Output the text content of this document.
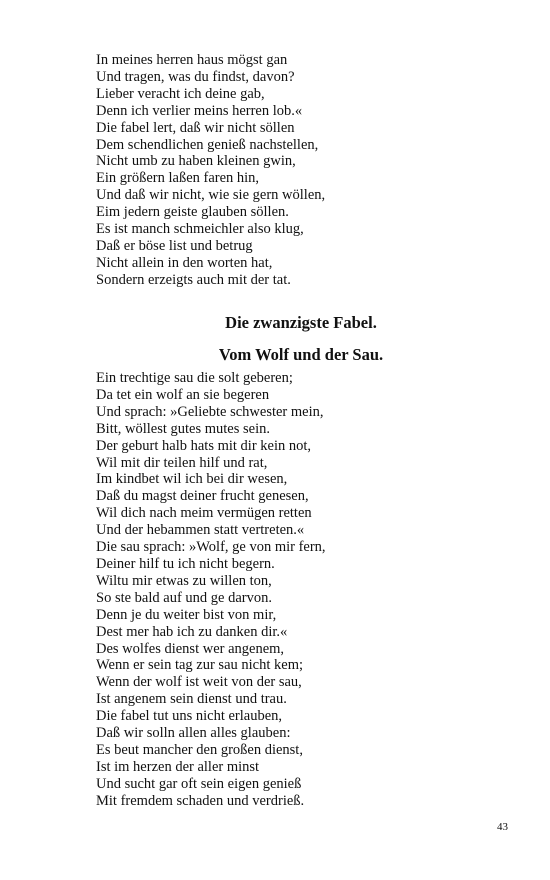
In meines herren haus mögst gan
Und tragen, was du findst, davon?
Lieber veracht ich deine gab,
Denn ich verlier meins herren lob.«
Die fabel lert, daß wir nicht söllen
Dem schendlichen genieß nachstellen,
Nicht umb zu haben kleinen gwin,
Ein größern laßen faren hin,
Und daß wir nicht, wie sie gern wöllen,
Eim jedern geiste glauben söllen.
Es ist manch schmeichler also klug,
Daß er böse list und betrug
Nicht allein in den worten hat,
Sondern erzeigts auch mit der tat.
Die zwanzigste Fabel.
Vom Wolf und der Sau.
Ein trechtige sau die solt geberen;
Da tet ein wolf an sie begeren
Und sprach: »Geliebte schwester mein,
Bitt, wöllest gutes mutes sein.
Der geburt halb hats mit dir kein not,
Wil mit dir teilen hilf und rat,
Im kindbet wil ich bei dir wesen,
Daß du magst deiner frucht genesen,
Wil dich nach meim vermügen retten
Und der hebammen statt vertreten.«
Die sau sprach: »Wolf, ge von mir fern,
Deiner hilf tu ich nicht begern.
Wiltu mir etwas zu willen ton,
So ste bald auf und ge darvon.
Denn je du weiter bist von mir,
Dest mer hab ich zu danken dir.«
Des wolfes dienst wer angenem,
Wenn er sein tag zur sau nicht kem;
Wenn der wolf ist weit von der sau,
Ist angenem sein dienst und trau.
Die fabel tut uns nicht erlauben,
Daß wir solln allen alles glauben:
Es beut mancher den großen dienst,
Ist im herzen der aller minst
Und sucht gar oft sein eigen genieß
Mit fremdem schaden und verdrieß.
43
